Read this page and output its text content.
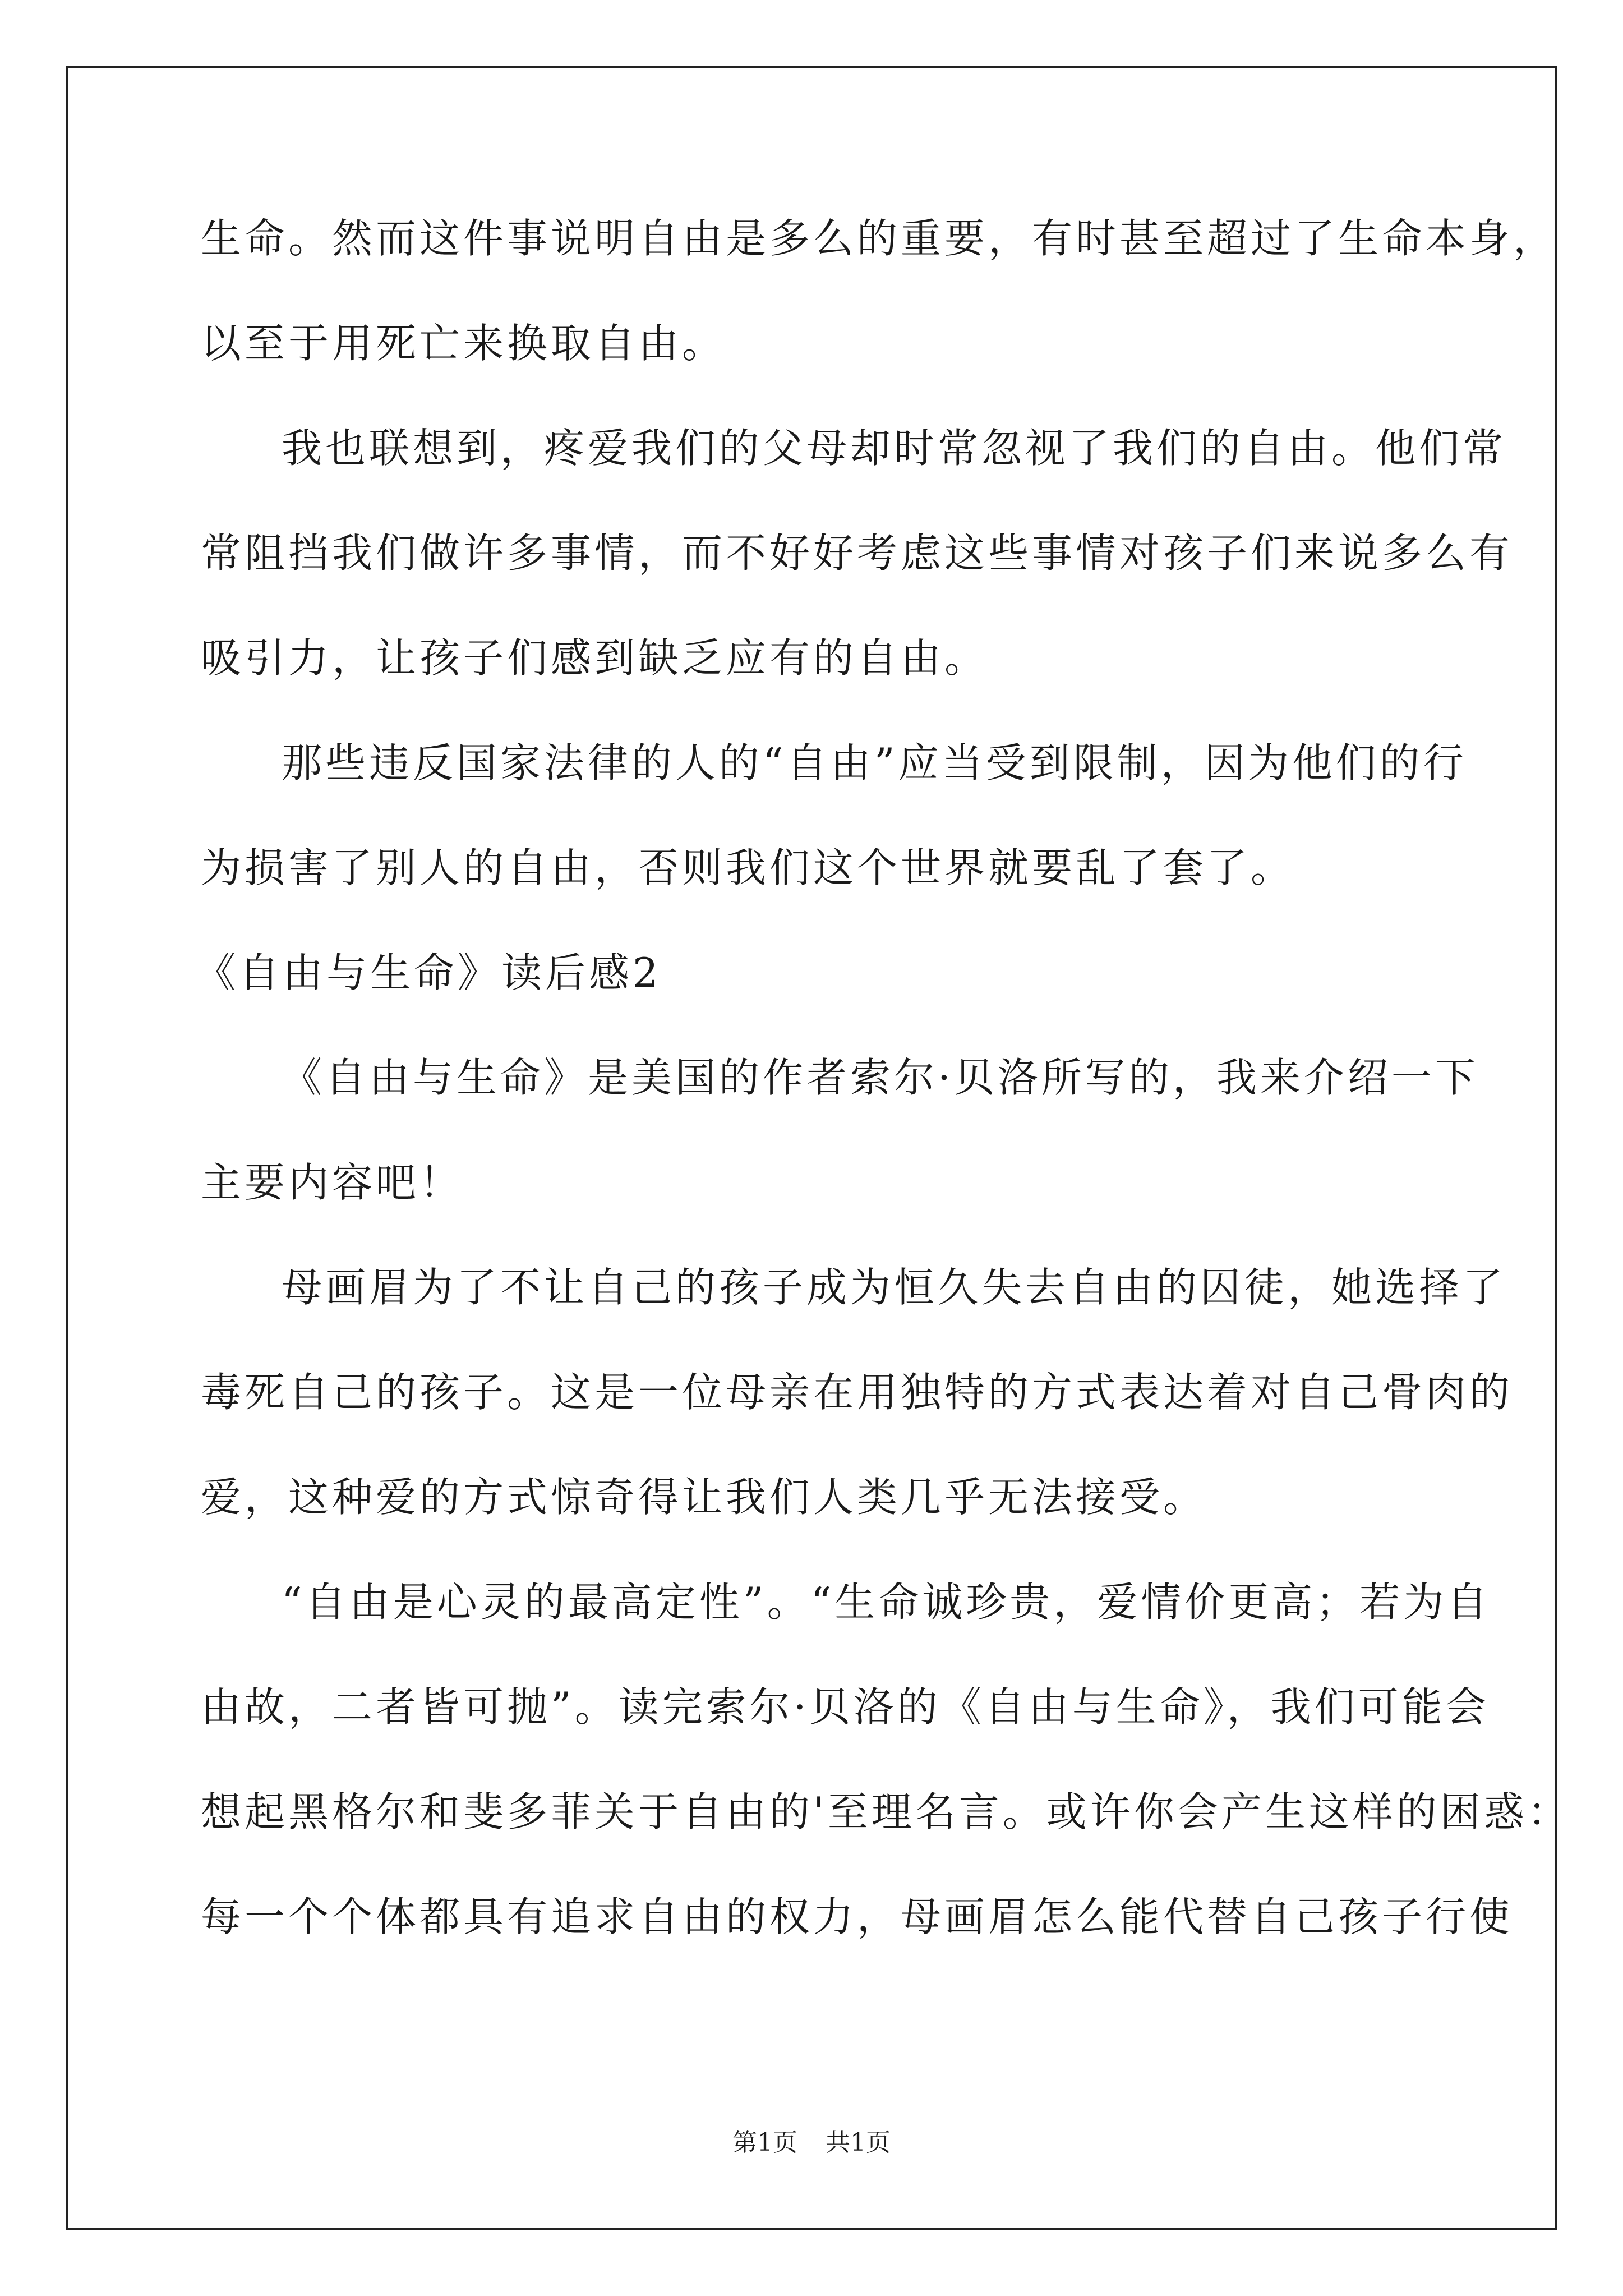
生命。然而这件事说明自由是多么的重要，有时甚至超过了生命本身，
以至于用死亡来换取自由。
我也联想到，疼爱我们的父母却时常忽视了我们的自由。他们常
常阻挡我们做许多事情，而不好好考虑这些事情对孩子们来说多么有
吸引力，让孩子们感到缺乏应有的自由。
那些违反国家法律的人的“自由”应当受到限制，因为他们的行
为损害了别人的自由，否则我们这个世界就要乱了套了。
《自由与生命》读后感2
《自由与生命》是美国的作者索尔·贝洛所写的，我来介绍一下
主要内容吧！
母画眉为了不让自己的孩子成为恒久失去自由的囚徒，她选择了
毒死自己的孩子。这是一位母亲在用独特的方式表达着对自己骨肉的
爱，这种爱的方式惊奇得让我们人类几乎无法接受。
“自由是心灵的最高定性”。“生命诚珍贵，爱情价更高；若为自
由故，二者皆可抛”。读完索尔·贝洛的《自由与生命》，我们可能会
想起黑格尔和斐多菲关于自由的'至理名言。或许你会产生这样的困惑：
每一个个体都具有追求自由的权力，母画眉怎么能代替自己孩子行使
第1页 共1页
